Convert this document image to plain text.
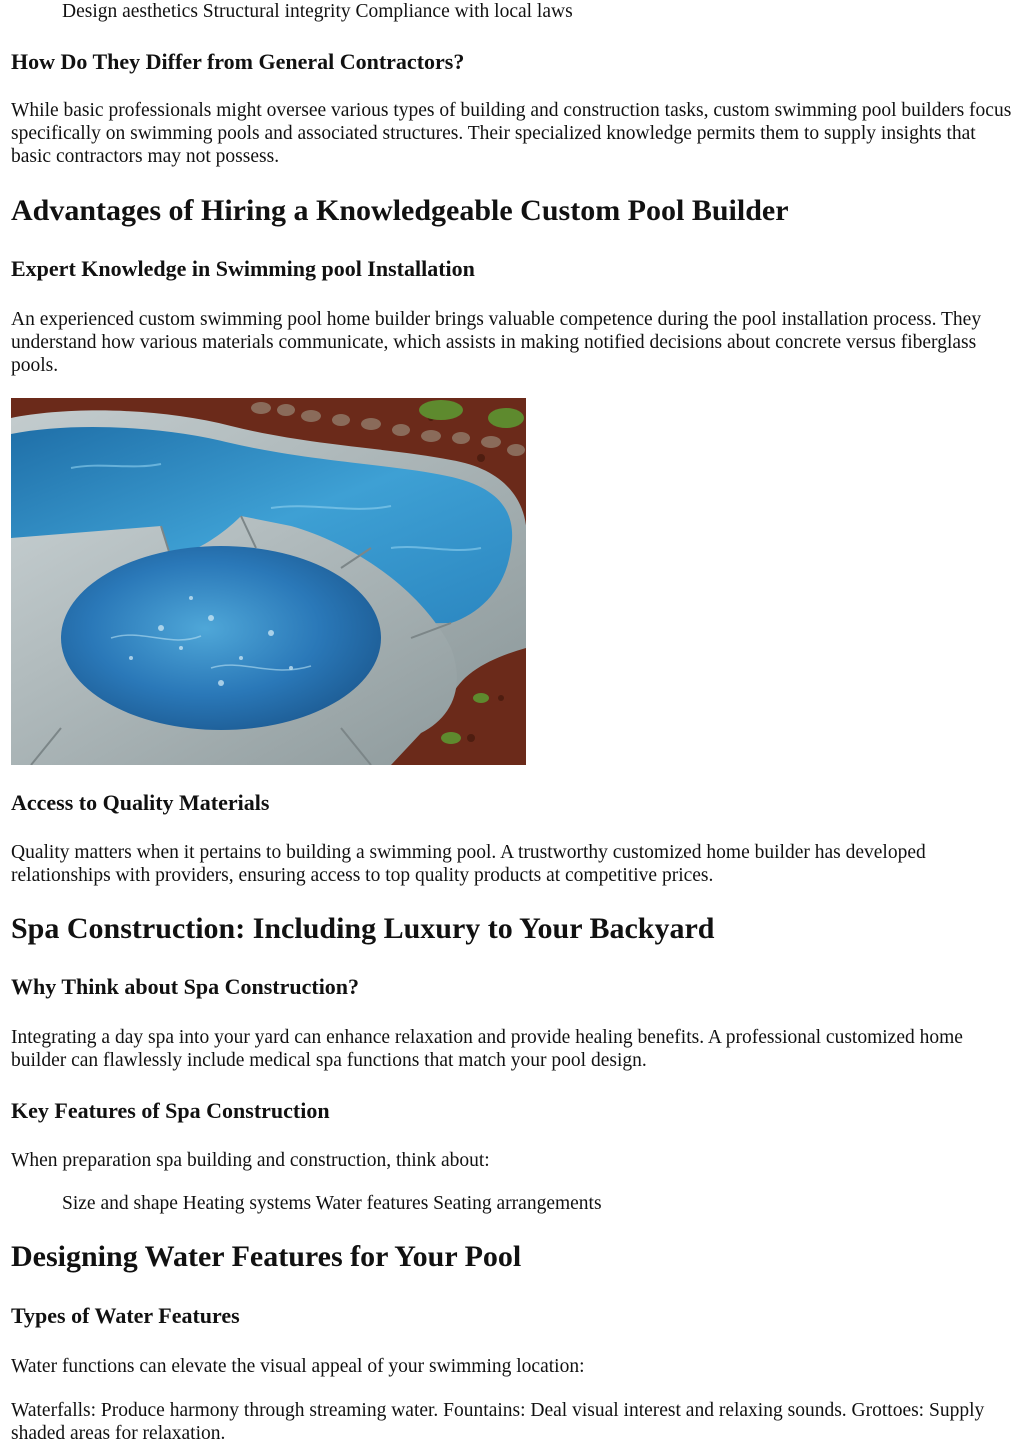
Design aesthetics Structural integrity Compliance with local laws
How Do They Differ from General Contractors?

While basic professionals might oversee various types of building and construction tasks, custom swimming pool builders focus specifically on swimming pools and associated structures. Their specialized knowledge permits them to supply insights that basic contractors may not possess.

Advantages of Hiring a Knowledgeable Custom Pool Builder
Expert Knowledge in Swimming pool Installation

An experienced custom swimming pool home builder brings valuable competence during the pool installation process. They understand how various materials communicate, which assists in making notified decisions about concrete versus fiberglass pools.

Access to Quality Materials

Quality matters when it pertains to building a swimming pool. A trustworthy customized home builder has developed relationships with providers, ensuring access to top quality products at competitive prices.

Spa Construction: Including Luxury to Your Backyard
Why Think about Spa Construction?

Integrating a day spa into your yard can enhance relaxation and provide healing benefits. A professional customized home builder can flawlessly include medical spa functions that match your pool design.

Key Features of Spa Construction

When preparation spa building and construction, think about:

Size and shape Heating systems Water features Seating arrangements
Designing Water Features for Your Pool
Types of Water Features

Water functions can elevate the visual appeal of your swimming location:

Waterfalls: Produce harmony through streaming water. Fountains: Deal visual interest and relaxing sounds. Grottoes: Supply shaded areas for relaxation.
